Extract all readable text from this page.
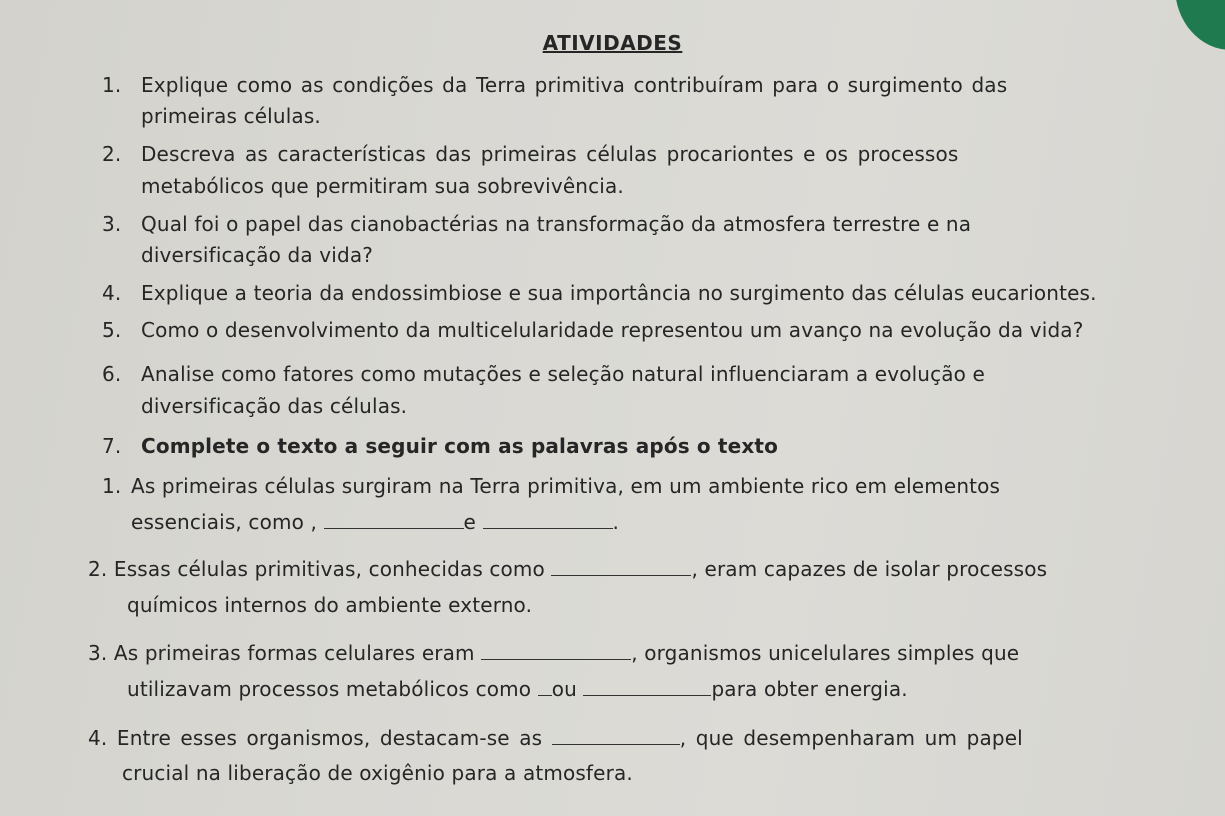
ATIVIDADES
1. Explique como as condições da Terra primitiva contribuíram para o surgimento das
primeiras células.
2. Descreva as características das primeiras células procariontes e os processos
metabólicos que permitiram sua sobrevivência.
3. Qual foi o papel das cianobactérias na transformação da atmosfera terrestre e na
diversificação da vida?
4. Explique a teoria da endossimbiose e sua importância no surgimento das células eucariontes.
5. Como o desenvolvimento da multicelularidade representou um avanço na evolução da vida?
6. Analise como fatores como mutações e seleção natural influenciaram a evolução e
diversificação das células.
7. Complete o texto a seguir com as palavras após o texto
1. As primeiras células surgiram na Terra primitiva, em um ambiente rico em elementos
essenciais, como ,	e	.
2. Essas células primitivas, conhecidas como	, eram capazes de isolar processos
químicos internos do ambiente externo.
3. As primeiras formas celulares eram	, organismos unicelulares simples que
utilizavam processos metabólicos como ou	para obter energia.
4. Entre esses organismos, destacam-se as	, que desempenharam um papel
crucial na liberação de oxigênio para a atmosfera.
